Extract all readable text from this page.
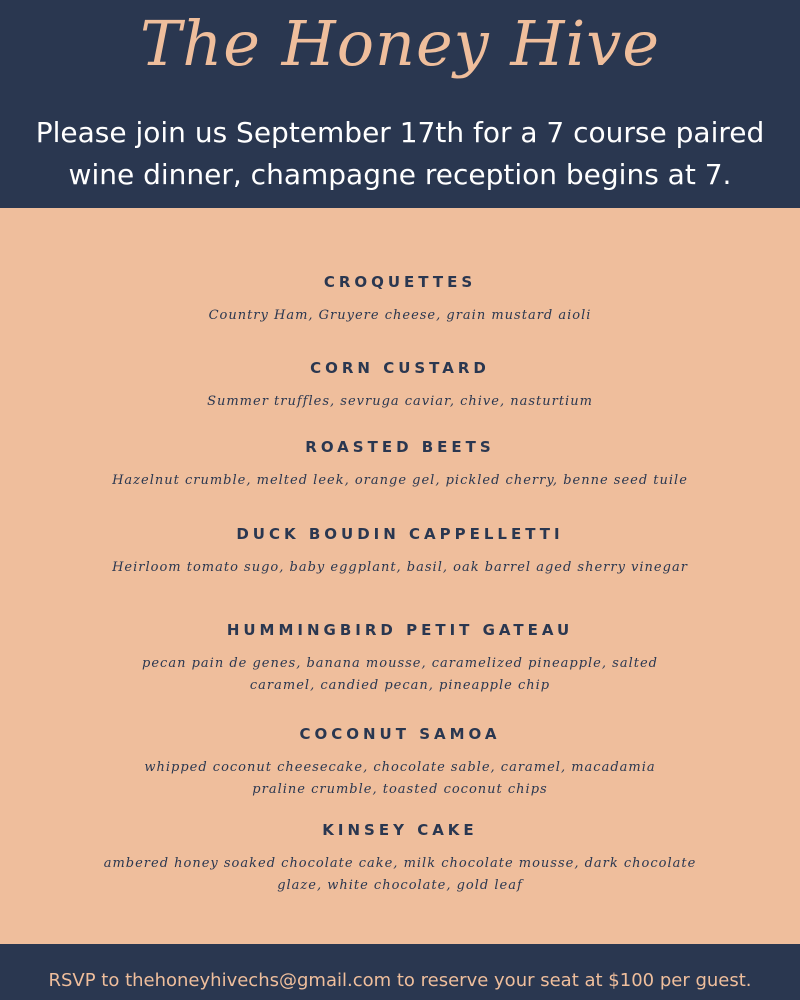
The Honey Hive
Please join us September 17th for a 7 course paired
wine dinner, champagne reception begins at 7.
CROQUETTES
Country Ham, Gruyere cheese, grain mustard aioli
CORN CUSTARD
Summer truffles, sevruga caviar, chive, nasturtium
ROASTED BEETS
Hazelnut crumble, melted leek, orange gel, pickled cherry, benne seed tuile
DUCK BOUDIN CAPPELLETTI
Heirloom tomato sugo, baby eggplant, basil, oak barrel aged sherry vinegar
HUMMINGBIRD PETIT GATEAU
pecan pain de genes, banana mousse, caramelized pineapple, salted caramel, candied pecan, pineapple chip
COCONUT SAMOA
whipped coconut cheesecake, chocolate sable, caramel, macadamia praline crumble, toasted coconut chips
KINSEY CAKE
ambered honey soaked chocolate cake, milk chocolate mousse, dark chocolate glaze, white chocolate, gold leaf
RSVP to thehoneyhivechs@gmail.com to reserve your seat at $100 per guest.
